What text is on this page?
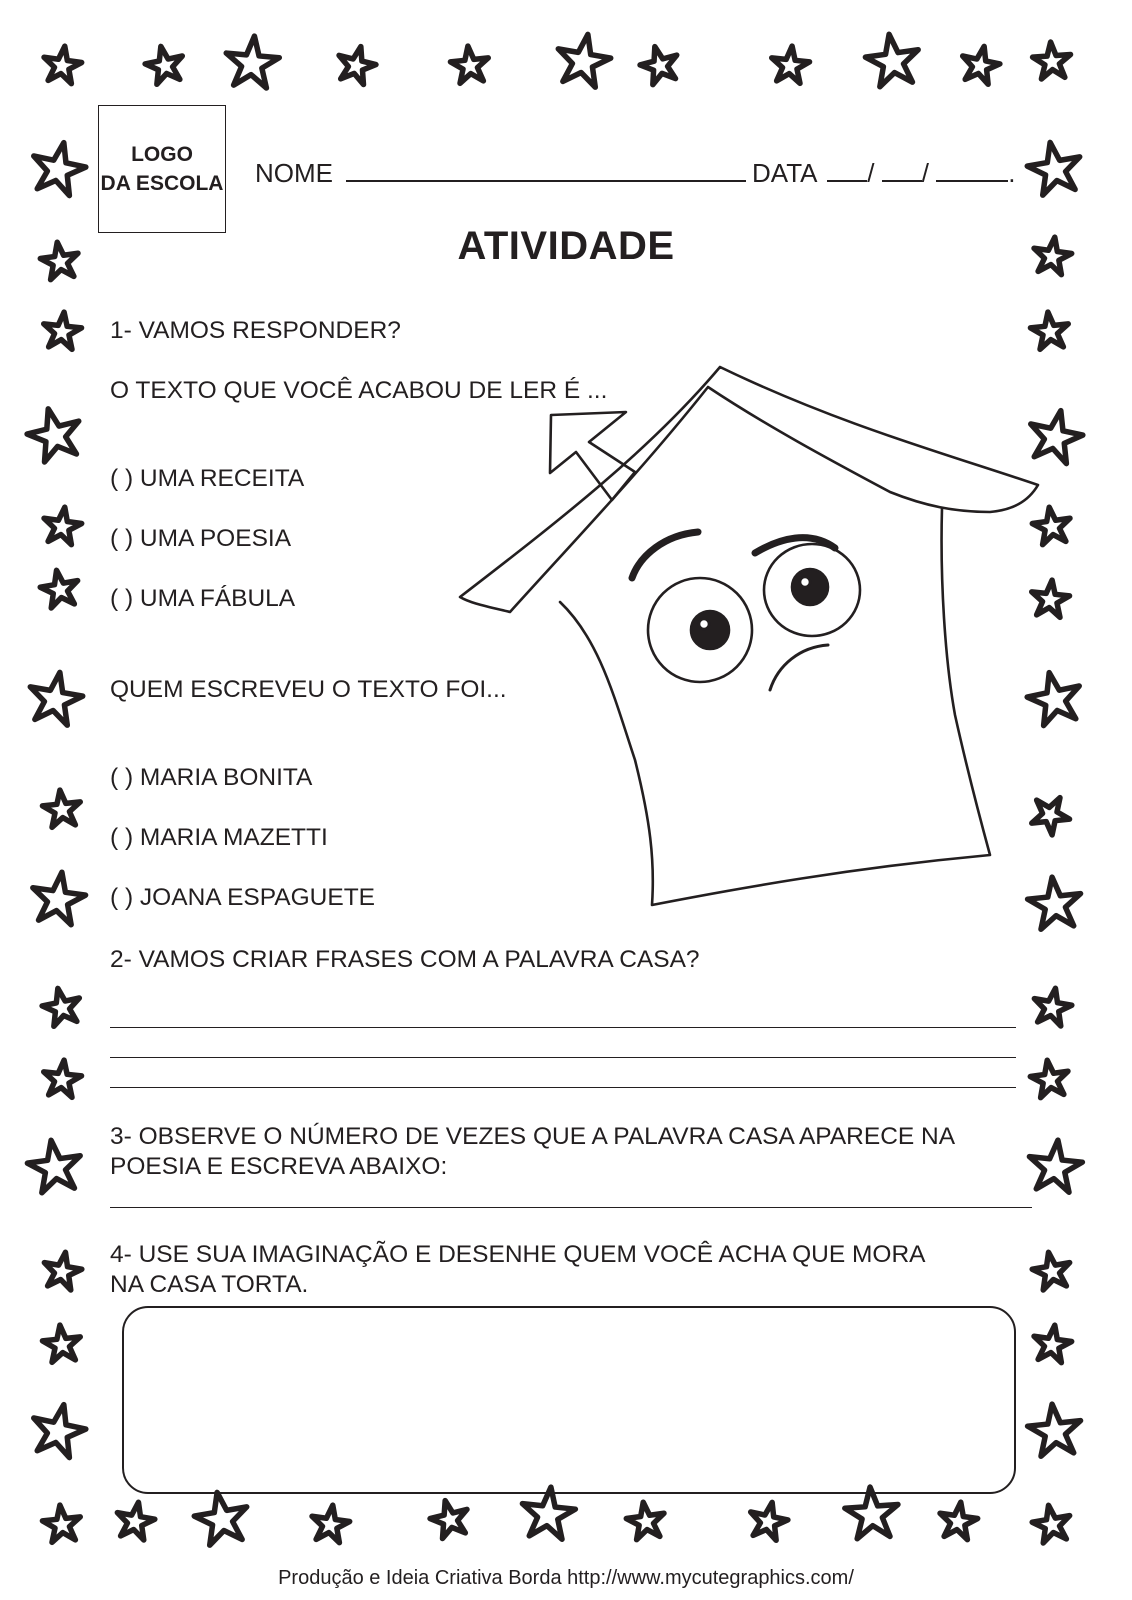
LOGO
DA ESCOLA NOME	DATA / /	.
ATIVIDADE
1- VAMOS RESPONDER?
O TEXTO QUE VOCÊ ACABOU DE LER É ...
( ) UMA RECEITA
( ) UMA POESIA
( ) UMA FÁBULA
QUEM ESCREVEU O TEXTO FOI...
( ) MARIA BONITA
( ) MARIA MAZETTI
( ) JOANA ESPAGUETE
2- VAMOS CRIAR FRASES COM A PALAVRA CASA?
3- OBSERVE O NÚMERO DE VEZES QUE A PALAVRA CASA APARECE NA
POESIA E ESCREVA ABAIXO:
4- USE SUA IMAGINAÇÃO E DESENHE QUEM VOCÊ ACHA QUE MORA
NA CASA TORTA.
Produção e Ideia Criativa Borda http://www.mycutegraphics.com/
